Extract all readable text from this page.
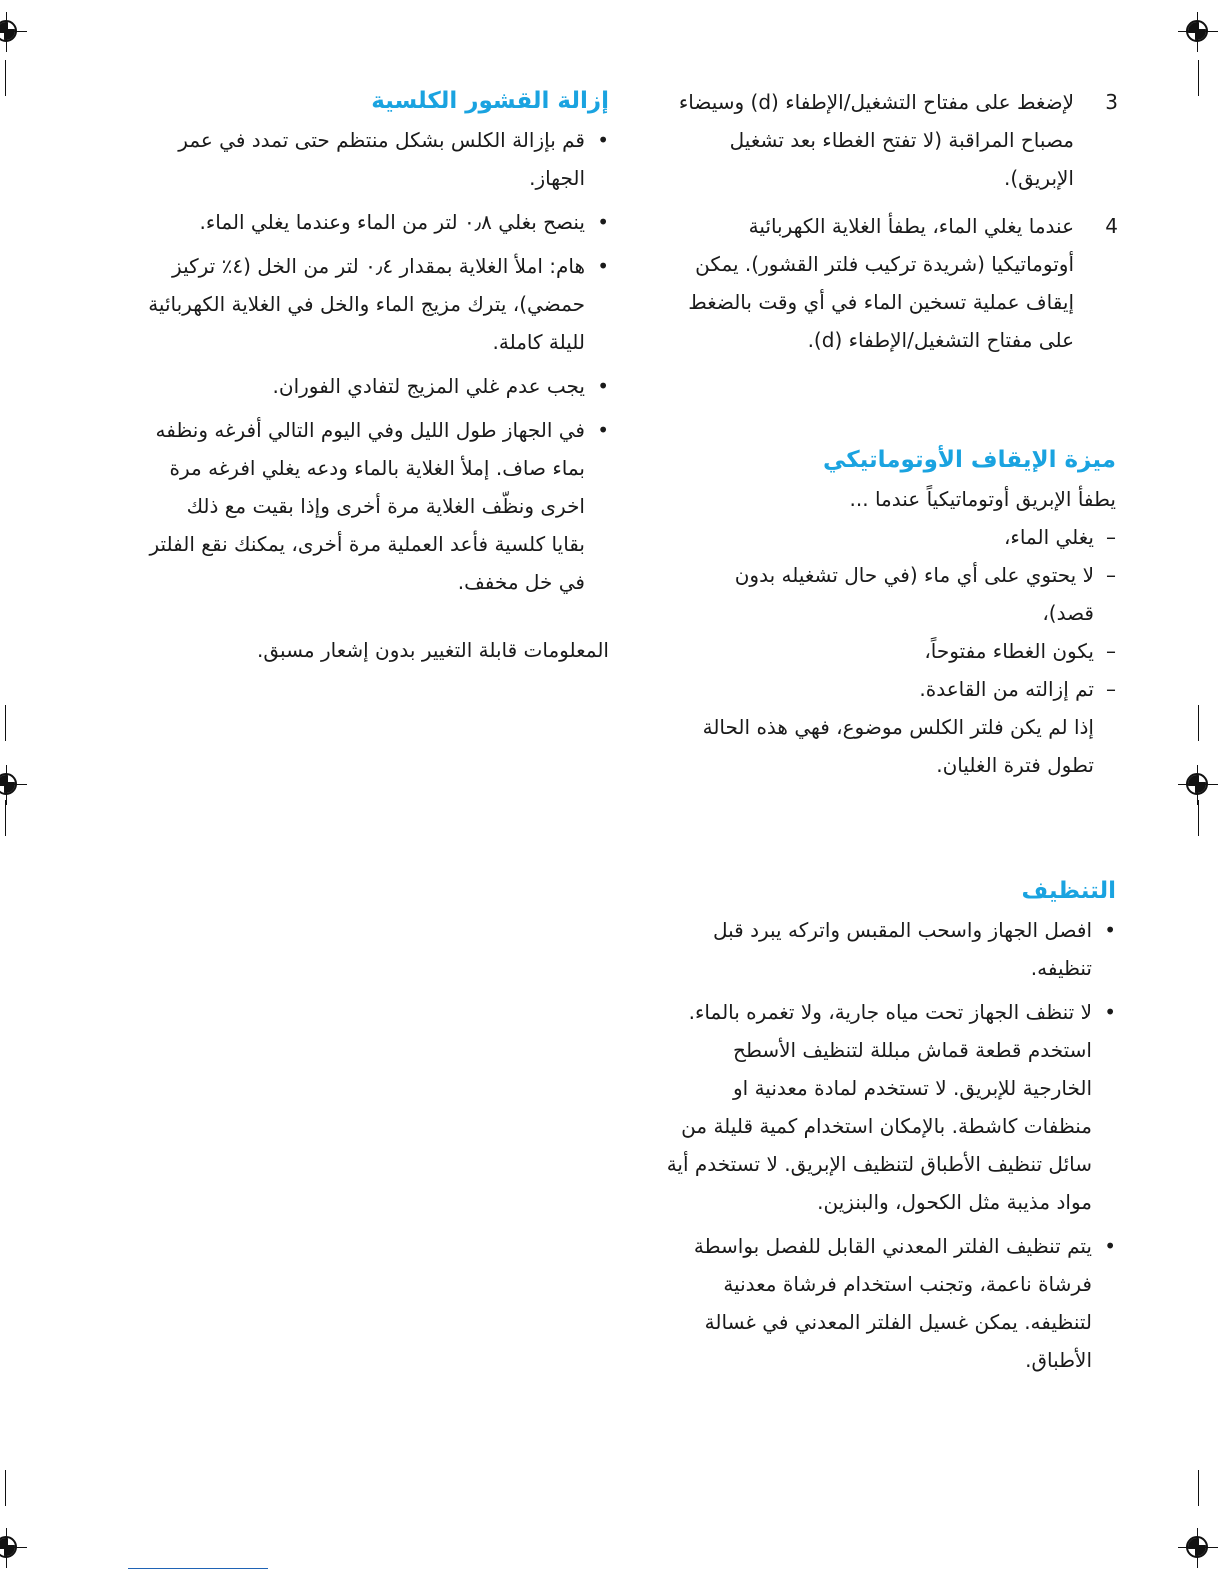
3

لإضغط على مفتاح التشغيل/الإطفاء (d) وسيضاء مصباح المراقبة (لا تفتح الغطاء بعد تشغيل الإبريق).

4

عندما يغلي الماء، يطفأ الغلاية الكهربائية أوتوماتيكيا (شريدة تركيب فلتر القشور). يمكن إيقاف عملية تسخين الماء في أي وقت بالضغط على مفتاح التشغيل/الإطفاء (d).

ميزة الإيقاف الأوتوماتيكي

يطفأ الإبريق أوتوماتيكياً عندما ...

–

يغلي الماء،

–

لا يحتوي على أي ماء (في حال تشغيله بدون قصد)،

–

يكون الغطاء مفتوحاً،

–

تم إزالته من القاعدة.

إذا لم يكن فلتر الكلس موضوع، فهي هذه الحالة تطول فترة الغليان.

التنظيف
•

افصل الجهاز واسحب المقبس واتركه يبرد قبل تنظيفه.

•

لا تنظف الجهاز تحت مياه جارية، ولا تغمره بالماء. استخدم قطعة قماش مبللة لتنظيف الأسطح الخارجية للإبريق. لا تستخدم لمادة معدنية او منظفات كاشطة. بالإمكان استخدام كمية قليلة من سائل تنظيف الأطباق لتنظيف الإبريق. لا تستخدم أية مواد مذيبة مثل الكحول، والبنزين.

•

يتم تنظيف الفلتر المعدني القابل للفصل بواسطة فرشاة ناعمة، وتجنب استخدام فرشاة معدنية لتنظيفه. يمكن غسيل الفلتر المعدني في غسالة الأطباق.

إزالة القشور الكلسية
•

قم بإزالة الكلس بشكل منتظم حتى تمدد في عمر الجهاز.

•

ينصح بغلي ٠٫٨ لتر من الماء وعندما يغلي الماء.

•

هام: املأ الغلاية بمقدار ٠٫٤ لتر من الخل (٤٪ تركيز حمضي)، يترك مزيج الماء والخل في الغلاية الكهربائية لليلة كاملة.

•

يجب عدم غلي المزيج لتفادي الفوران.

•

في الجهاز طول الليل وفي اليوم التالي أفرغه ونظفه بماء صاف. إملأ الغلاية بالماء ودعه يغلي افرغه مرة اخرى ونظّف الغلاية مرة أخرى وإذا بقيت مع ذلك بقايا كلسية فأعد العملية مرة أخرى، يمكنك نقع الفلتر في خل مخفف.

المعلومات قابلة التغيير بدون إشعار مسبق.
